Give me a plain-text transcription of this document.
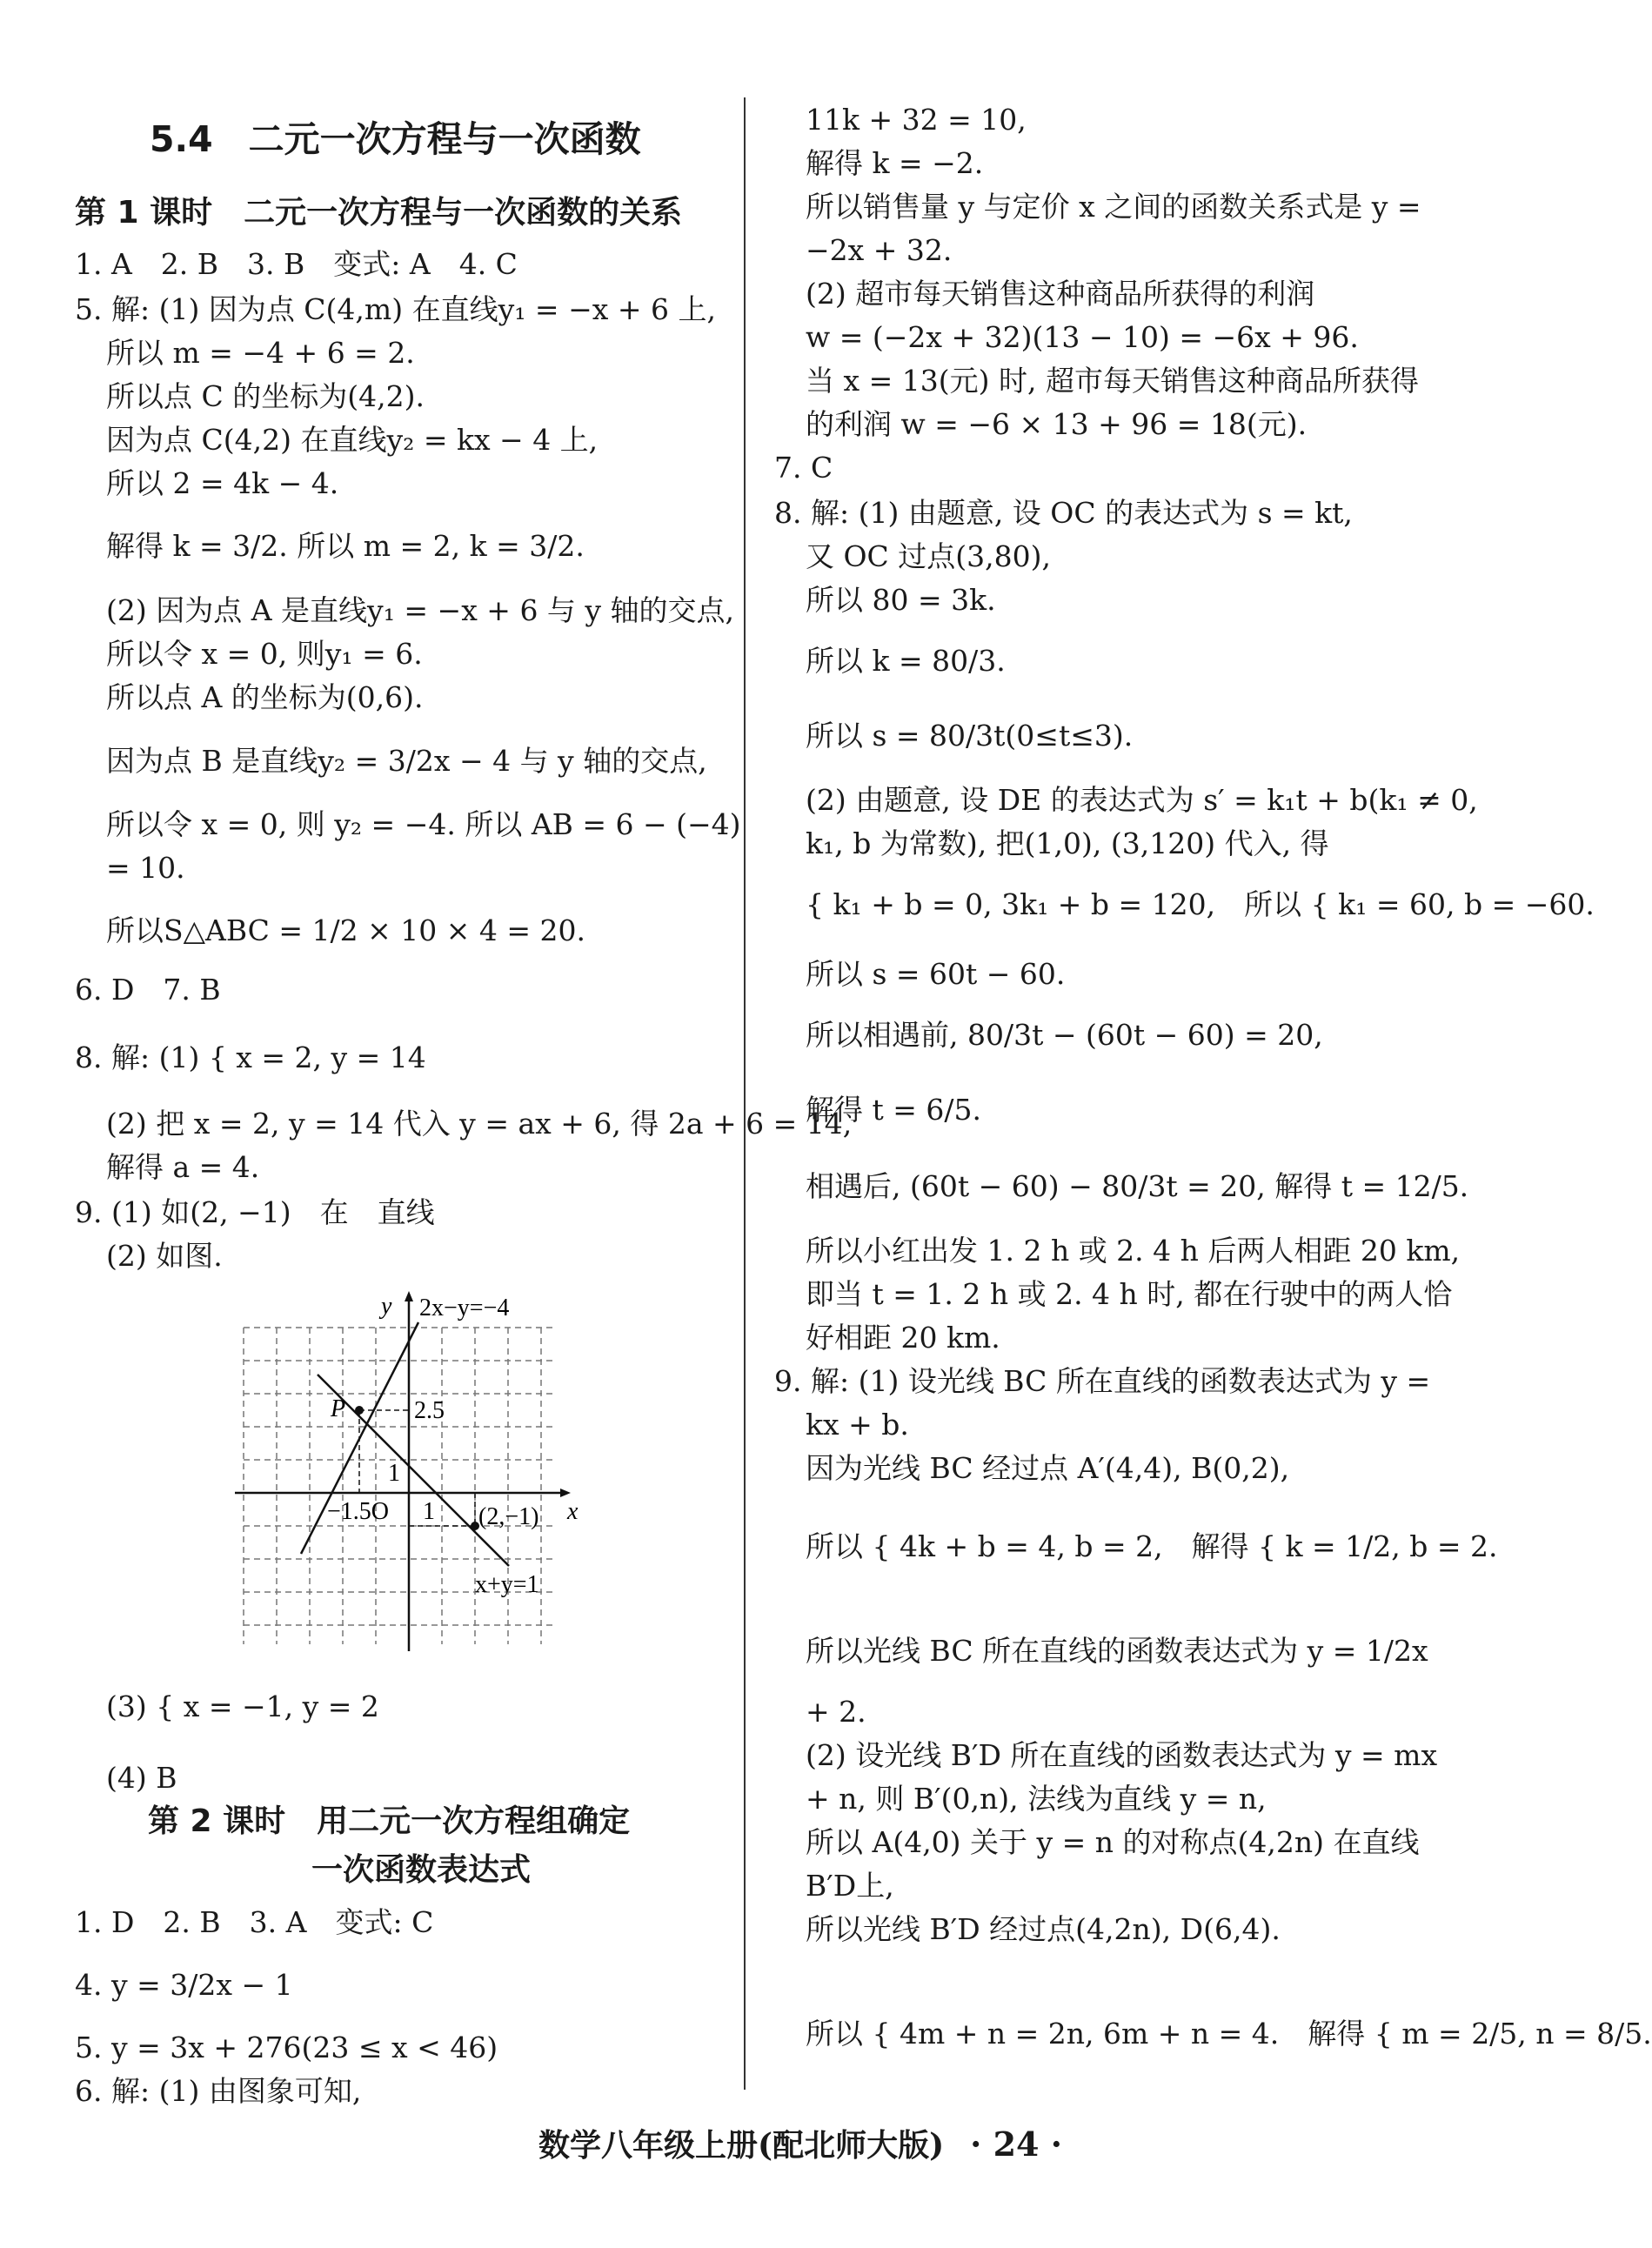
5.4　二元一次方程与一次函数
第 1 课时　二元一次方程与一次函数的关系
1. A　2. B　3. B　变式: A　4. C
5. 解: (1) 因为点 C(4,m) 在直线y₁ = −x + 6 上,
所以 m = −4 + 6 = 2.
所以点 C 的坐标为(4,2).
因为点 C(4,2) 在直线y₂ = kx − 4 上,
所以 2 = 4k − 4.
解得 k = 3/2. 所以 m = 2, k = 3/2.
(2) 因为点 A 是直线y₁ = −x + 6 与 y 轴的交点,
所以令 x = 0, 则y₁ = 6.
所以点 A 的坐标为(0,6).
因为点 B 是直线y₂ = 3/2x − 4 与 y 轴的交点,
所以令 x = 0, 则 y₂ = −4. 所以 AB = 6 − (−4)
= 10.
所以S△ABC = 1/2 × 10 × 4 = 20.
6. D　7. B
8. 解: (1) { x = 2, y = 14
(2) 把 x = 2, y = 14 代入 y = ax + 6, 得 2a + 6 = 14,
解得 a = 4.
9. (1) 如(2, −1)　在　直线
(2) 如图.
y 2x−y=−4
P	2.5
1
−1.5O 1 (2,−1) x
x+y=1
(3) { x = −1, y = 2
(4) B
第 2 课时　用二元一次方程组确定
一次函数表达式
1. D　2. B　3. A　变式: C
4. y = 3/2x − 1
5. y = 3x + 276(23 ≤ x < 46)
6. 解: (1) 由图象可知,
11k + 32 = 10,
解得 k = −2.
所以销售量 y 与定价 x 之间的函数关系式是 y =
−2x + 32.
(2) 超市每天销售这种商品所获得的利润
w = (−2x + 32)(13 − 10) = −6x + 96.
当 x = 13(元) 时, 超市每天销售这种商品所获得
的利润 w = −6 × 13 + 96 = 18(元).
7. C
8. 解: (1) 由题意, 设 OC 的表达式为 s = kt,
又 OC 过点(3,80),
所以 80 = 3k.
所以 k = 80/3.
所以 s = 80/3t(0≤t≤3).
(2) 由题意, 设 DE 的表达式为 s′ = k₁t + b(k₁ ≠ 0,
k₁, b 为常数), 把(1,0), (3,120) 代入, 得
{ k₁ + b = 0, 3k₁ + b = 120,　所以 { k₁ = 60, b = −60.
所以 s = 60t − 60.
所以相遇前, 80/3t − (60t − 60) = 20,
解得 t = 6/5.
相遇后, (60t − 60) − 80/3t = 20, 解得 t = 12/5.
所以小红出发 1. 2 h 或 2. 4 h 后两人相距 20 km,
即当 t = 1. 2 h 或 2. 4 h 时, 都在行驶中的两人恰
好相距 20 km.
9. 解: (1) 设光线 BC 所在直线的函数表达式为 y =
kx + b.
因为光线 BC 经过点 A′(4,4), B(0,2),
所以 { 4k + b = 4, b = 2,　解得 { k = 1/2, b = 2.
所以光线 BC 所在直线的函数表达式为 y = 1/2x
+ 2.
(2) 设光线 B′D 所在直线的函数表达式为 y = mx
+ n, 则 B′(0,n), 法线为直线 y = n,
所以 A(4,0) 关于 y = n 的对称点(4,2n) 在直线
B′D上,
所以光线 B′D 经过点(4,2n), D(6,4).
所以 { 4m + n = 2n, 6m + n = 4.　解得 { m = 2/5, n = 8/5.
数学八年级上册(配北师大版) · 24 ·
